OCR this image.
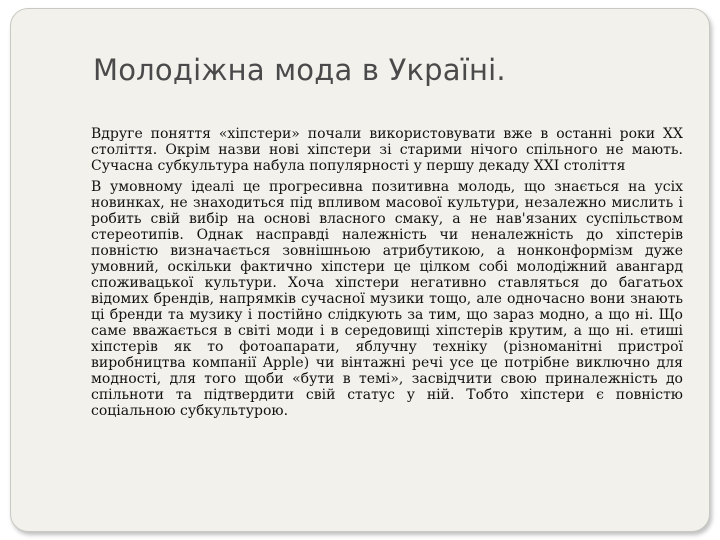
Молодіжна мода в Україні.

Вдруге поняття «хіпстери» почали використовувати вже в останні роки XX століття. Окрім назви нові хіпстери зі старими нічого спільного не мають. Сучасна субкультура набула популярності у першу декаду XXI століття

В умовному ідеалі це прогресивна позитивна молодь, що знається на усіх новинках, не знаходиться під впливом масової культури, незалежно мислить і робить свій вибір на основі власного смаку, а не нав'язаних суспільством стереотипів. Однак насправді належність чи неналежність до хіпстерів повністю визначається зовнішньою атрибутикою, а нонконформізм дуже умовний, оскільки фактично хіпстери це цілком собі молодіжний авангард споживацької культури. Хоча хіпстери негативно ставляться до багатьох відомих брендів, напрямків сучасної музики тощо, але одночасно вони знають ці бренди та музику і постійно слідкують за тим, що зараз модно, а що ні. Що саме вважається в світі моди і в середовищі хіпстерів крутим, а що ні. етиші хіпстерів як то фотоапарати, яблучну техніку (різноманітні пристрої виробництва компанії Apple) чи вінтажні речі усе це потрібне виключно для модності, для того щоби «бути в темі», засвідчити свою приналежність до спільноти та підтвердити свій статус у ній. Тобто хіпстери є повністю соціальною субкультурою.
